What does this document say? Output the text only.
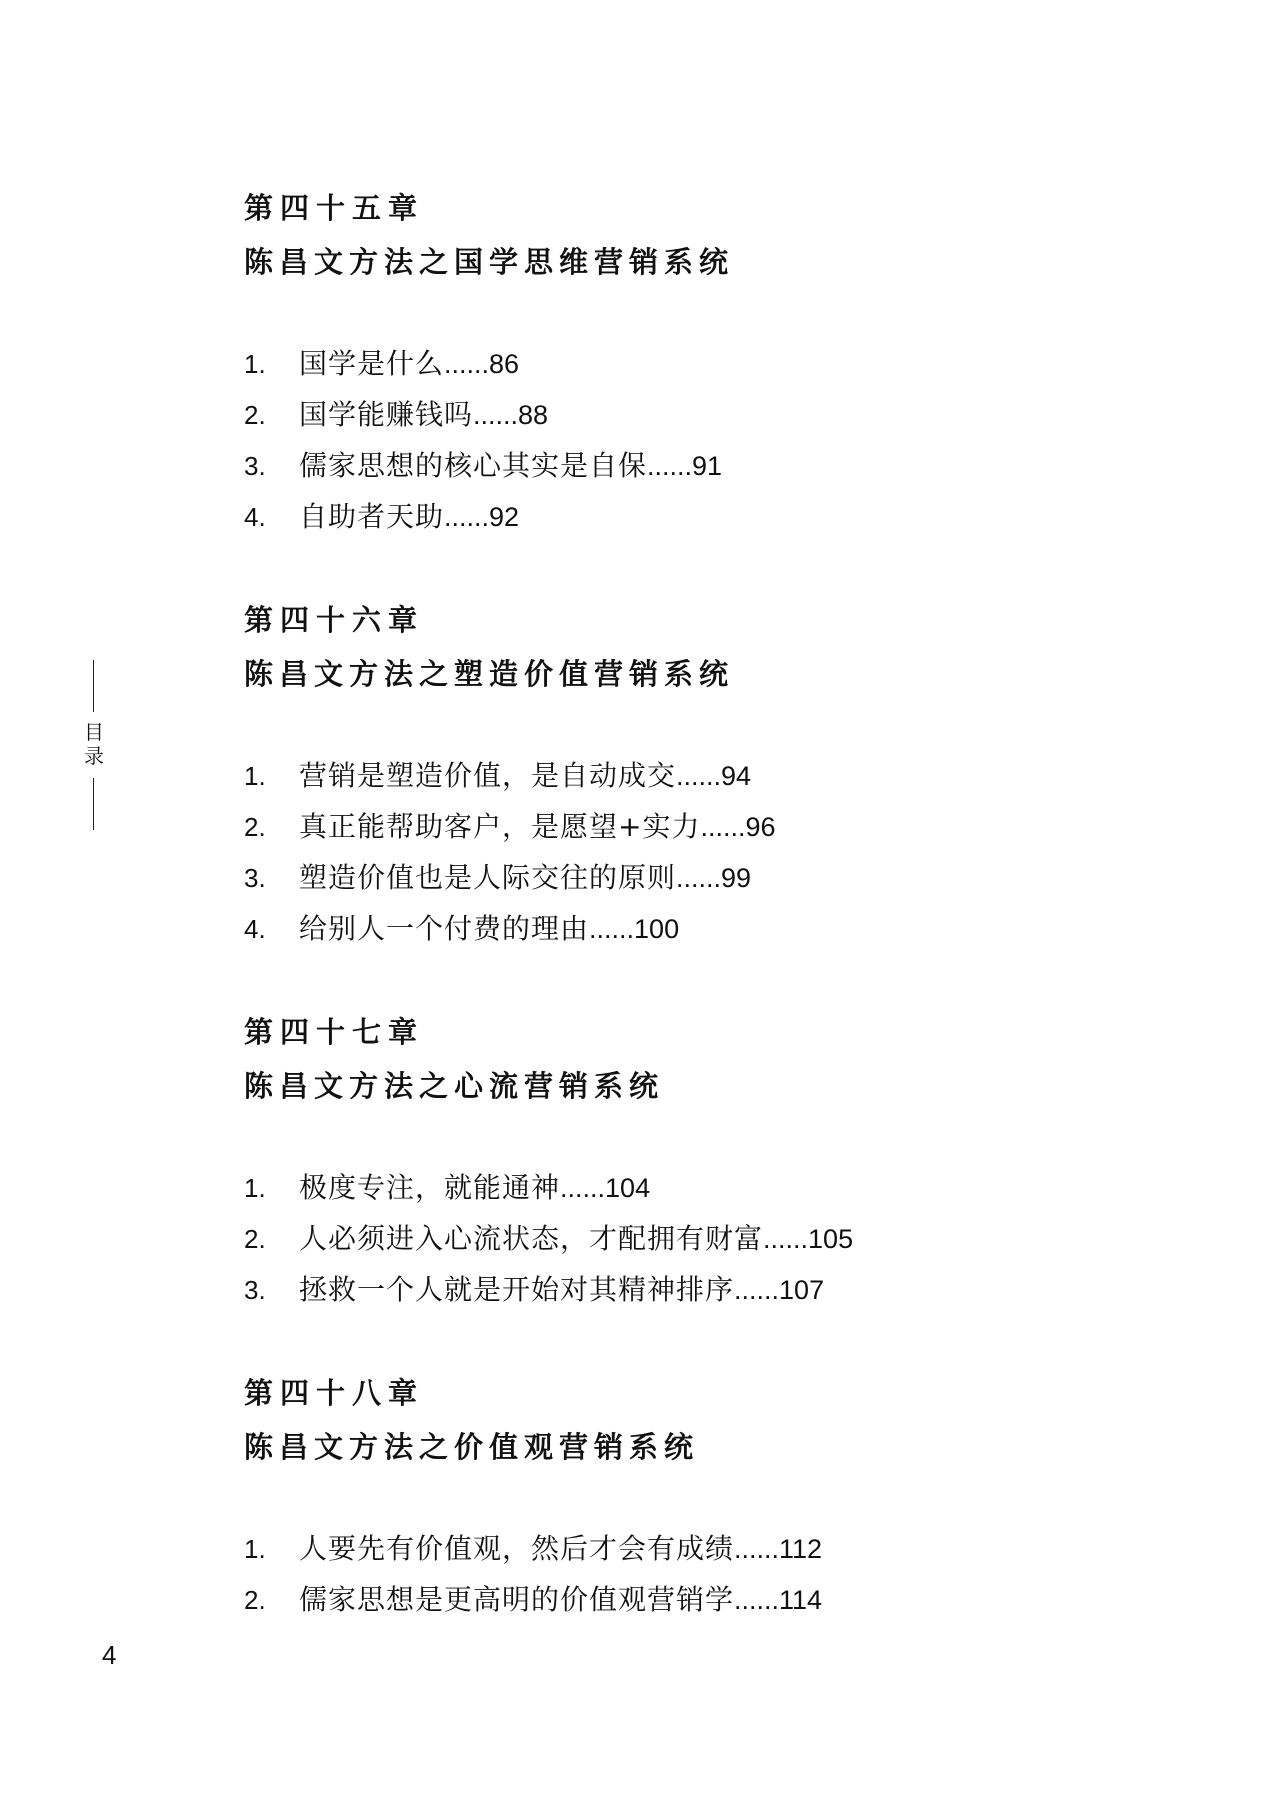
第四十五章
陈昌文方法之国学思维营销系统
1.	国学是什么 ...... 86
2.	国学能赚钱吗 ...... 88
3.	儒家思想的核心其实是自保 ...... 91
4.	自助者天助 ...... 92
第四十六章
陈昌文方法之塑造价值营销系统
1.	营销是塑造价值，是自动成交 ...... 94
2.	真正能帮助客户，是愿望+实力 ...... 96
3.	塑造价值也是人际交往的原则 ...... 99
4.	给别人一个付费的理由 ...... 100
第四十七章
陈昌文方法之心流营销系统
1.	极度专注，就能通神 ...... 104
2.	人必须进入心流状态，才配拥有财富 ...... 105
3.	拯救一个人就是开始对其精神排序 ...... 107
第四十八章
陈昌文方法之价值观营销系统
1.	人要先有价值观，然后才会有成绩 ...... 112
2.	儒家思想是更高明的价值观营销学 ...... 114
目录
4
